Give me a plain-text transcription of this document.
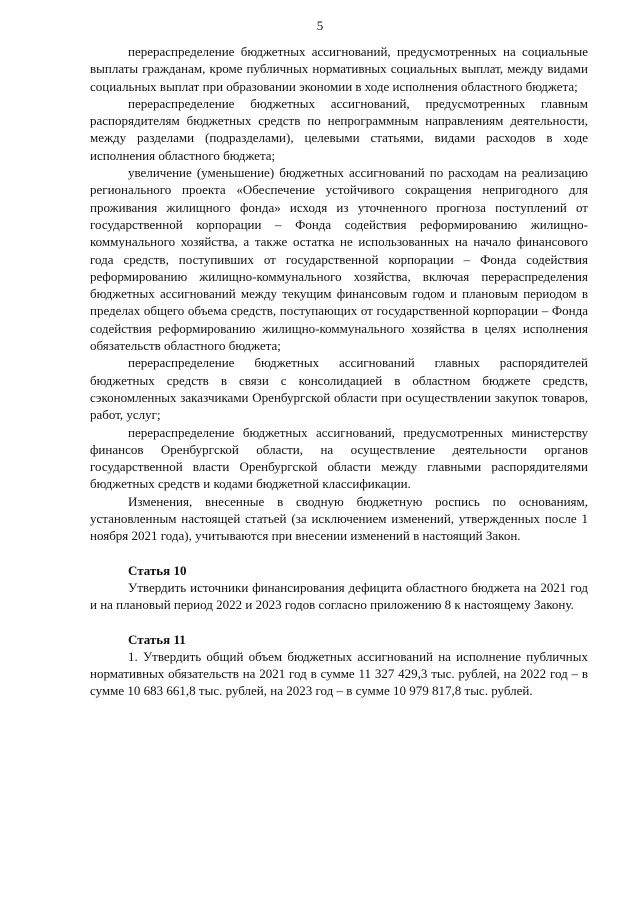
5

перераспределение бюджетных ассигнований, предусмотренных на социальные выплаты гражданам, кроме публичных нормативных социальных выплат, между видами социальных выплат при образовании экономии в ходе исполнения областного бюджета;

перераспределение бюджетных ассигнований, предусмотренных главным распорядителям бюджетных средств по непрограммным направлениям деятельности, между разделами (подразделами), целевыми статьями, видами расходов в ходе исполнения областного бюджета;

увеличение (уменьшение) бюджетных ассигнований по расходам на реализацию регионального проекта «Обеспечение устойчивого сокращения непригодного для проживания жилищного фонда» исходя из уточненного прогноза поступлений от государственной корпорации – Фонда содействия реформированию жилищно-коммунального хозяйства, а также остатка не использованных на начало финансового года средств, поступивших от государственной корпорации – Фонда содействия реформированию жилищно-коммунального хозяйства, включая перераспределения бюджетных ассигнований между текущим финансовым годом и плановым периодом в пределах общего объема средств, поступающих от государственной корпорации – Фонда содействия реформированию жилищно-коммунального хозяйства в целях исполнения обязательств областного бюджета;

перераспределение бюджетных ассигнований главных распорядителей бюджетных средств в связи с консолидацией в областном бюджете средств, сэкономленных заказчиками Оренбургской области при осуществлении закупок товаров, работ, услуг;

перераспределение бюджетных ассигнований, предусмотренных министерству финансов Оренбургской области, на осуществление деятельности органов государственной власти Оренбургской области между главными распорядителями бюджетных средств и кодами бюджетной классификации.

Изменения, внесенные в сводную бюджетную роспись по основаниям, установленным настоящей статьей (за исключением изменений, утвержденных после 1 ноября 2021 года), учитываются при внесении изменений в настоящий Закон.

Статья 10

Утвердить источники финансирования дефицита областного бюджета на 2021 год и на плановый период 2022 и 2023 годов согласно приложению 8 к настоящему Закону.

Статья 11

1. Утвердить общий объем бюджетных ассигнований на исполнение публичных нормативных обязательств на 2021 год в сумме 11 327 429,3 тыс. рублей, на 2022 год – в сумме 10 683 661,8 тыс. рублей, на 2023 год – в сумме 10 979 817,8 тыс. рублей.
